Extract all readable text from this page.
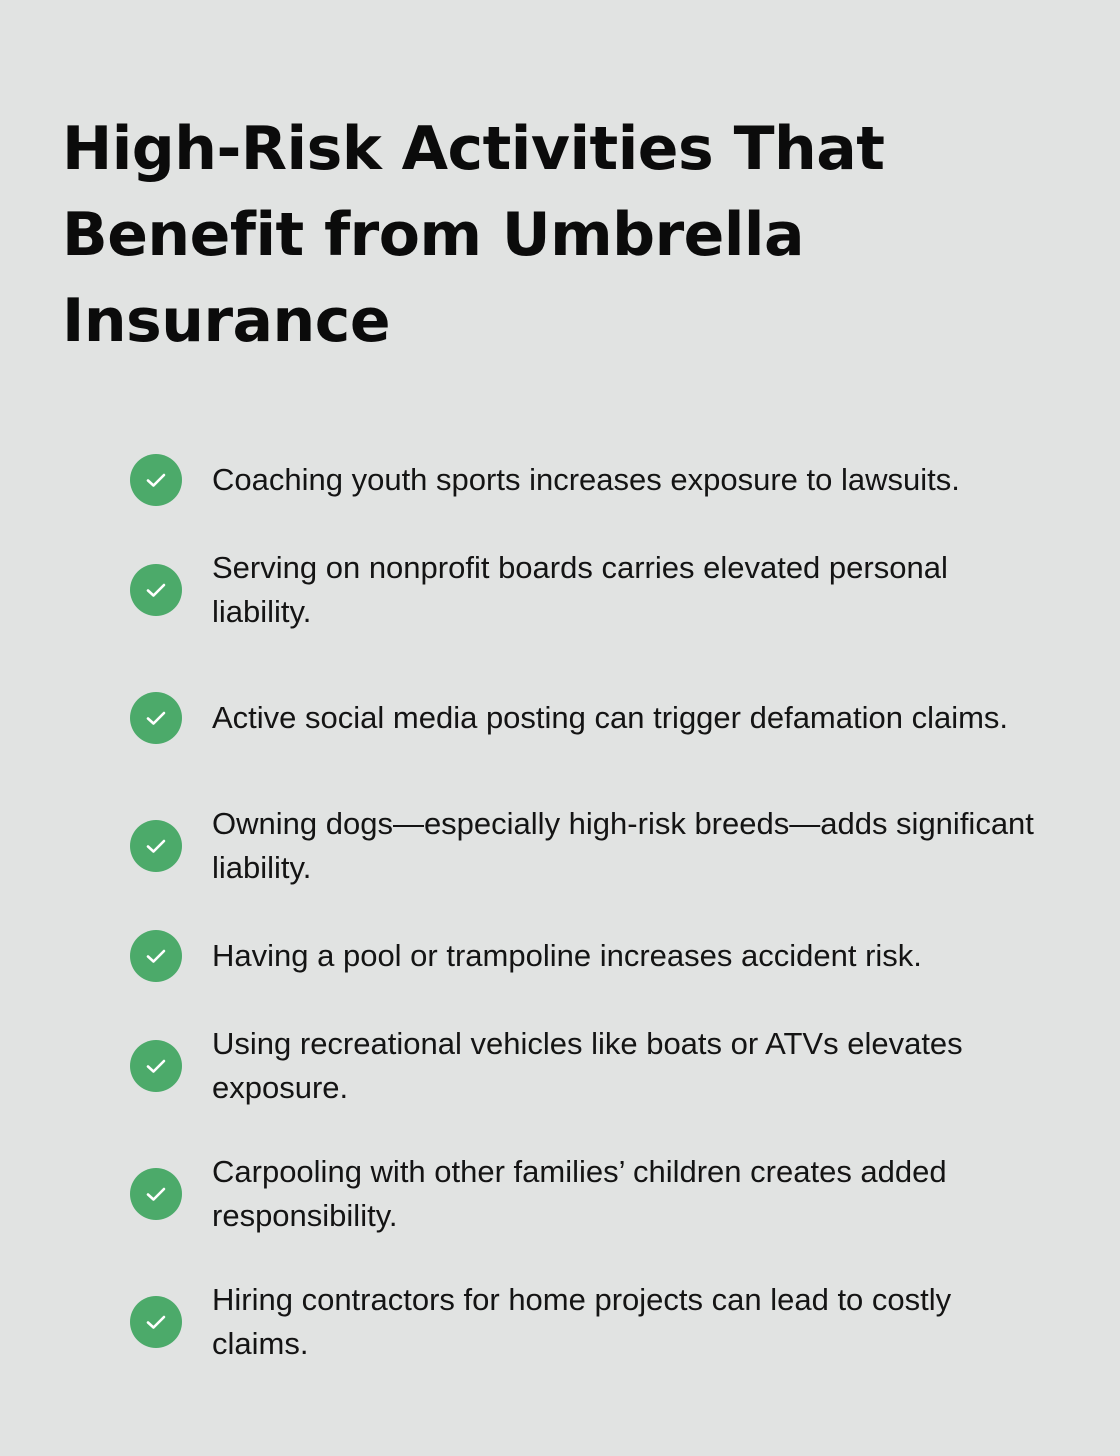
High-Risk Activities That Benefit from Umbrella Insurance
Coaching youth sports increases exposure to lawsuits.
Serving on nonprofit boards carries elevated personal liability.
Active social media posting can trigger defamation claims.
Owning dogs—especially high-risk breeds—adds significant liability.
Having a pool or trampoline increases accident risk.
Using recreational vehicles like boats or ATVs elevates exposure.
Carpooling with other families’ children creates added responsibility.
Hiring contractors for home projects can lead to costly claims.
